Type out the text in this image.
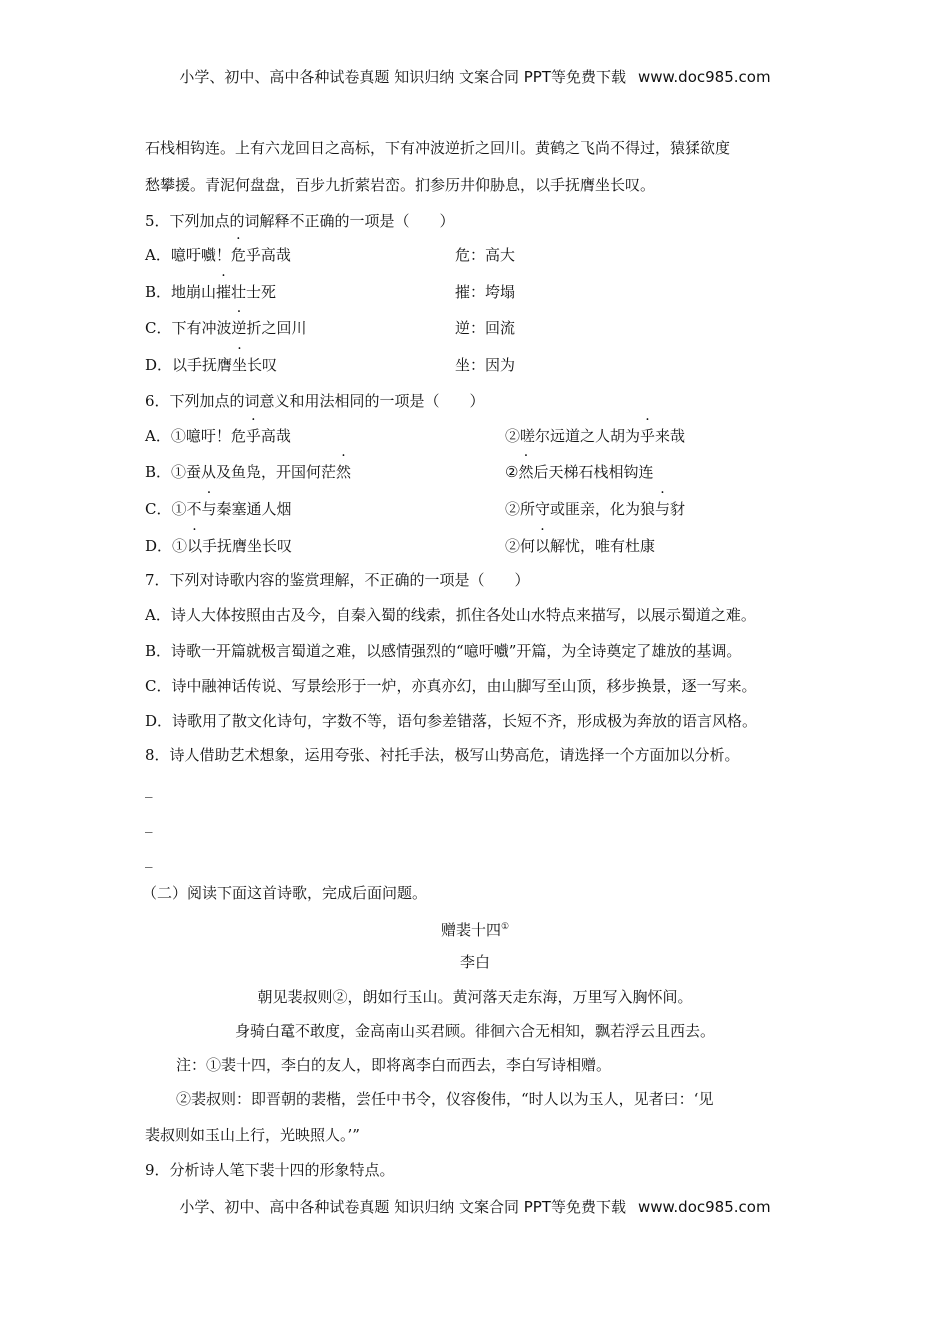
小学、初中、高中各种试卷真题 知识归纳 文案合同 PPT等免费下载 www.doc985.com
石栈相钩连。上有六龙回日之高标，下有冲波逆折之回川。黄鹤之飞尚不得过，猿猱欲度
愁攀援。青泥何盘盘，百步九折萦岩峦。扪参历井仰胁息，以手抚膺坐长叹。
5．下列加点的词解释不正确的一项是（　　）
A．噫吁嚱！危乎高哉	危：高大
B．地崩山摧壮士死	摧：垮塌
C．下有冲波逆折之回川	逆：回流
D．以手抚膺坐长叹	坐：因为
6．下列加点的词意义和用法相同的一项是（　　）
A．①噫吁！危乎高哉	②嗟尔远道之人胡为乎来哉
B．①蚕从及鱼凫，开国何茫然	②然后天梯石栈相钩连
C．①不与秦塞通人烟	②所守或匪亲，化为狼与豺
D．①以手抚膺坐长叹	②何以解忧，唯有杜康
7．下列对诗歌内容的鉴赏理解，不正确的一项是（　　）
A．诗人大体按照由古及今，自秦入蜀的线索，抓住各处山水特点来描写，以展示蜀道之难。
B．诗歌一开篇就极言蜀道之难，以感情强烈的“噫吁嚱”开篇，为全诗奠定了雄放的基调。
C．诗中融神话传说、写景绘形于一炉，亦真亦幻，由山脚写至山顶，移步换景，逐一写来。
D．诗歌用了散文化诗句，字数不等，语句参差错落，长短不齐，形成极为奔放的语言风格。
8．诗人借助艺术想象，运用夸张、衬托手法，极写山势高危，请选择一个方面加以分析。
_
_
_
（二）阅读下面这首诗歌，完成后面问题。
赠裴十四①
李白
朝见裴叔则②，朗如行玉山。黄河落天走东海，万里写入胸怀间。
身骑白鼋不敢度，金高南山买君顾。徘徊六合无相知，飘若浮云且西去。
注：①裴十四，李白的友人，即将离李白而西去，李白写诗相赠。
②裴叔则：即晋朝的裴楷，尝任中书令，仪容俊伟，“时人以为玉人，见者曰：‘见
裴叔则如玉山上行，光映照人。’”
9．分析诗人笔下裴十四的形象特点。
小学、初中、高中各种试卷真题 知识归纳 文案合同 PPT等免费下载 www.doc985.com
